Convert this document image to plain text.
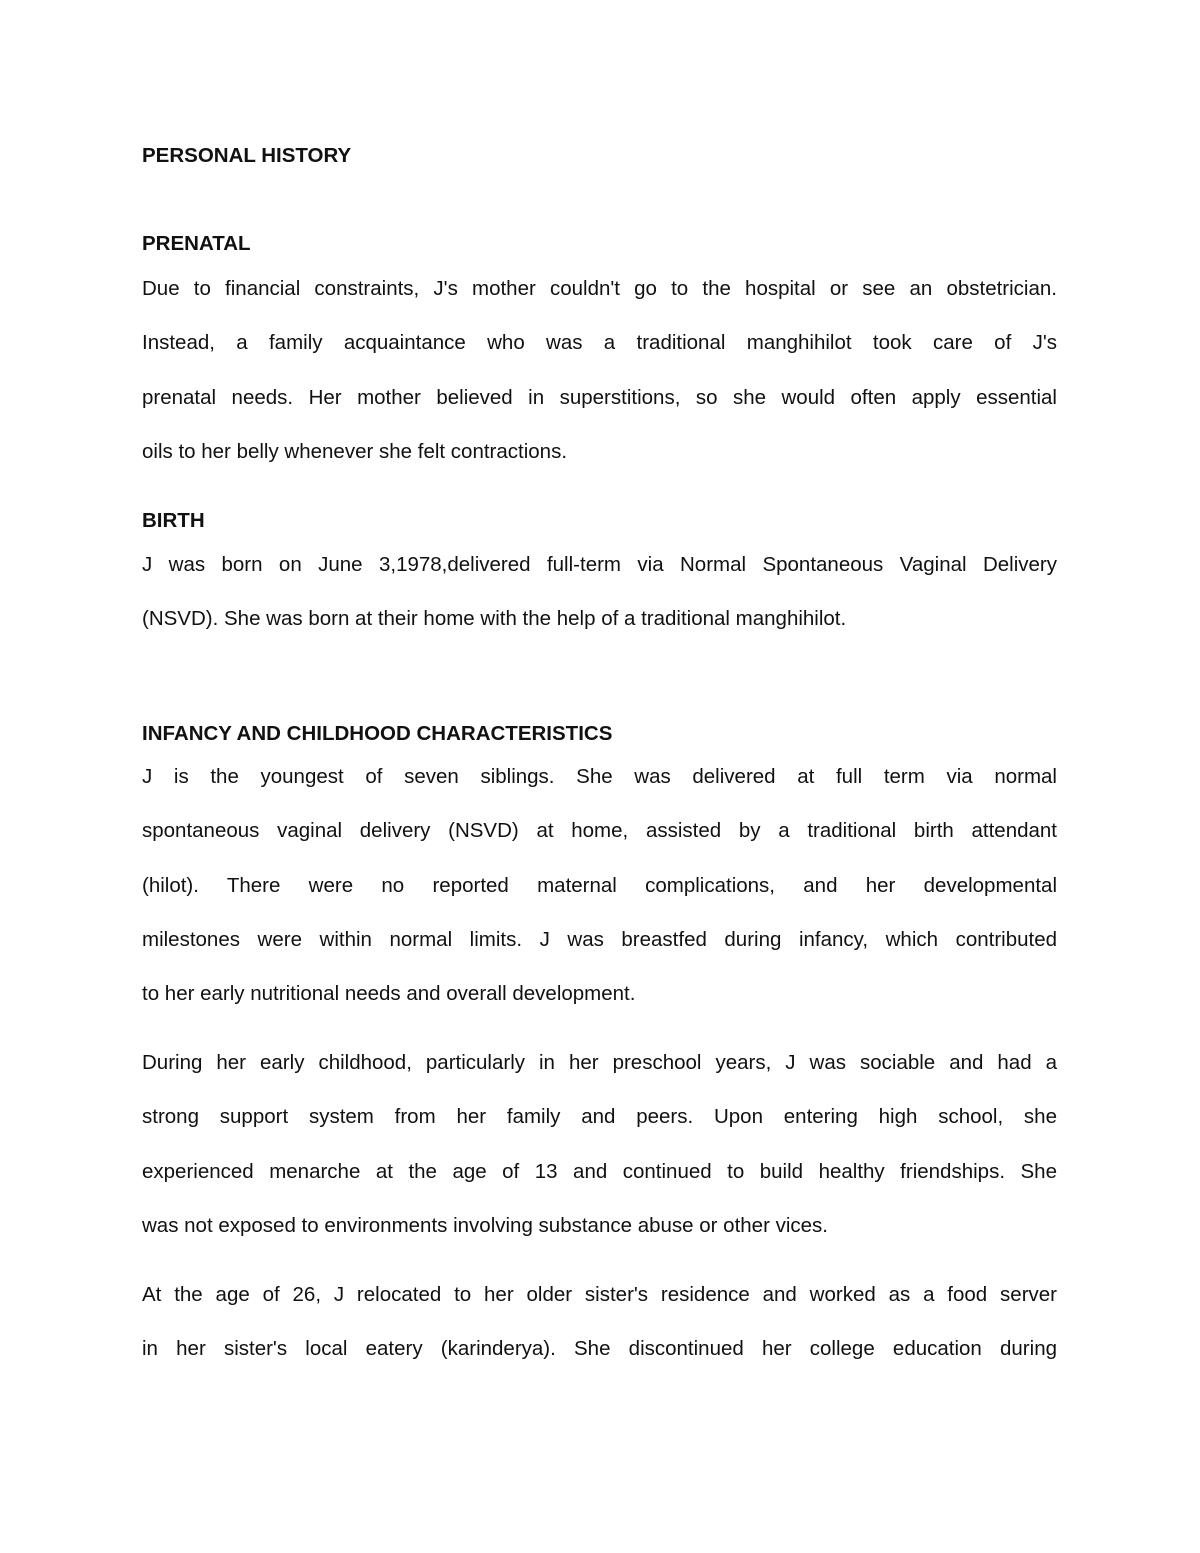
PERSONAL HISTORY
PRENATAL
Due to financial constraints, J's mother couldn't go to the hospital or see an obstetrician.
Instead, a family acquaintance who was a traditional manghihilot took care of J's
prenatal needs. Her mother believed in superstitions, so she would often apply essential
oils to her belly whenever she felt contractions.
BIRTH
J was born on June 3,1978,delivered full-term via Normal Spontaneous Vaginal Delivery
(NSVD). She was born at their home with the help of a traditional manghihilot.
INFANCY AND CHILDHOOD CHARACTERISTICS
J is the youngest of seven siblings. She was delivered at full term via normal
spontaneous vaginal delivery (NSVD) at home, assisted by a traditional birth attendant
(hilot). There were no reported maternal complications, and her developmental
milestones were within normal limits. J was breastfed during infancy, which contributed
to her early nutritional needs and overall development.
During her early childhood, particularly in her preschool years, J was sociable and had a
strong support system from her family and peers. Upon entering high school, she
experienced menarche at the age of 13 and continued to build healthy friendships. She
was not exposed to environments involving substance abuse or other vices.
At the age of 26, J relocated to her older sister's residence and worked as a food server
in her sister's local eatery (karinderya). She discontinued her college education during
